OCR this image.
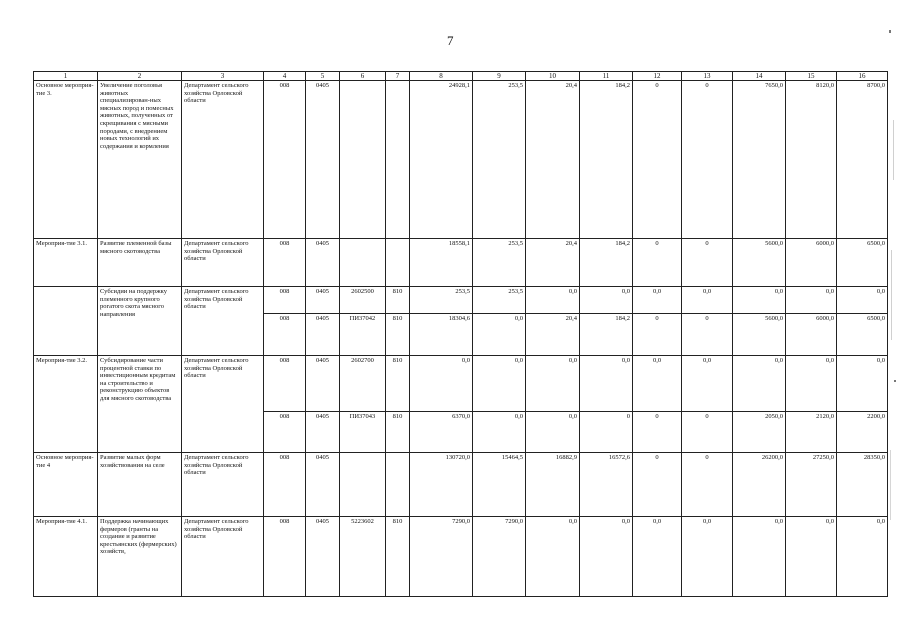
7
1	2	3	4	5	6	7	8	9	10	11	12	13	14	15	16
Основное мероприя-тие 3.	Увеличение поголовья животных специализирован-ных мясных пород и помесных животных, полученных от скрещивания с мясными породами, с внедрением новых технологий их содержания и кормления	Департамент сельского хозяйства Орловской области	008	0405			24928,1	253,5	20,4	184,2	0	0	7650,0	8120,0	8700,0
Мероприя-тие 3.1.	Развитие племенной базы мясного скотоводства	Департамент сельского хозяйства Орловской области	008	0405			18558,1	253,5	20,4	184,2	0	0	5600,0	6000,0	6500,0
	Субсидии на поддержку племенного крупного рогатого скота мясного направления	Департамент сельского хозяйства Орловской области	008	0405	2602500	810	253,5	253,5	0,0	0,0	0,0	0,0	0,0	0,0	0,0
			008	0405	ПИ37042	810	18304,6	0,0	20,4	184,2	0	0	5600,0	6000,0	6500,0
Мероприя-тие 3.2.	Субсидирование части процентной ставки по инвестиционным кредитам на строительство и реконструкцию объектов для мясного скотоводства	Департамент сельского хозяйства Орловской области	008	0405	2602700	810	0,0	0,0	0,0	0,0	0,0	0,0	0,0	0,0	0,0
			008	0405	ПИ37043	810	6370,0	0,0	0,0	0	0	0	2050,0	2120,0	2200,0
Основное мероприя-тие 4	Развитие малых форм хозяйствования на селе	Департамент сельского хозяйства Орловской области	008	0405			130720,0	15464,5	16882,9	16572,6	0	0	26200,0	27250,0	28350,0
Мероприя-тие 4.1.	Поддержка начинающих фермеров (гранты на создание и развитие крестьянских (фермерских) хозяйств,	Департамент сельского хозяйства Орловской области	008	0405	5223602	810	7290,0	7290,0	0,0	0,0	0,0	0,0	0,0	0,0	0,0
